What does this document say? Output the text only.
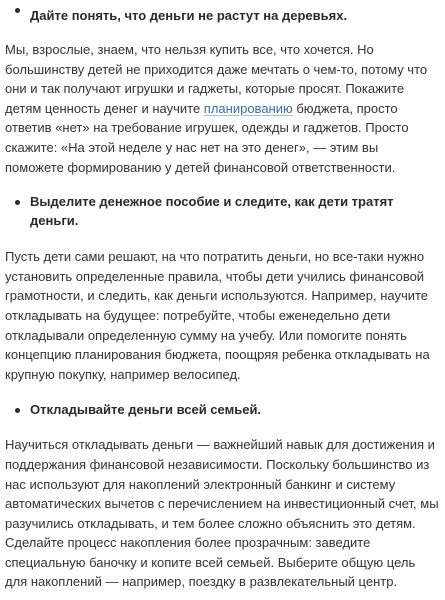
Дайте понять, что деньги не растут на деревьях.

Мы, взрослые, знаем, что нельзя купить все, что хочется. Но большинству детей не приходится даже мечтать о чем-то, потому что они и так получают игрушки и гаджеты, которые просят. Покажите детям ценность денег и научите планированию бюджета, просто ответив «нет» на требование игрушек, одежды и гаджетов. Просто скажите: «На этой неделе у нас нет на это денег», — этим вы поможете формированию у детей финансовой ответственности.

Выделите денежное пособие и следите, как дети тратят деньги.

Пусть дети сами решают, на что потратить деньги, но все-таки нужно установить определенные правила, чтобы дети учились финансовой грамотности, и следить, как деньги используются. Например, научите откладывать на будущее: потребуйте, чтобы еженедельно дети откладывали определенную сумму на учебу. Или помогите понять концепцию планирования бюджета, поощряя ребенка откладывать на крупную покупку, например велосипед.

Откладывайте деньги всей семьей.

Научиться откладывать деньги — важнейший навык для достижения и поддержания финансовой независимости. Поскольку большинство из нас используют для накоплений электронный банкинг и систему автоматических вычетов с перечислением на инвестиционный счет, мы разучились откладывать, и тем более сложно объяснить это детям. Сделайте процесс накопления более прозрачным: заведите специальную баночку и копите всей семьей. Выберите общую цель для накоплений — например, поездку в развлекательный центр.
